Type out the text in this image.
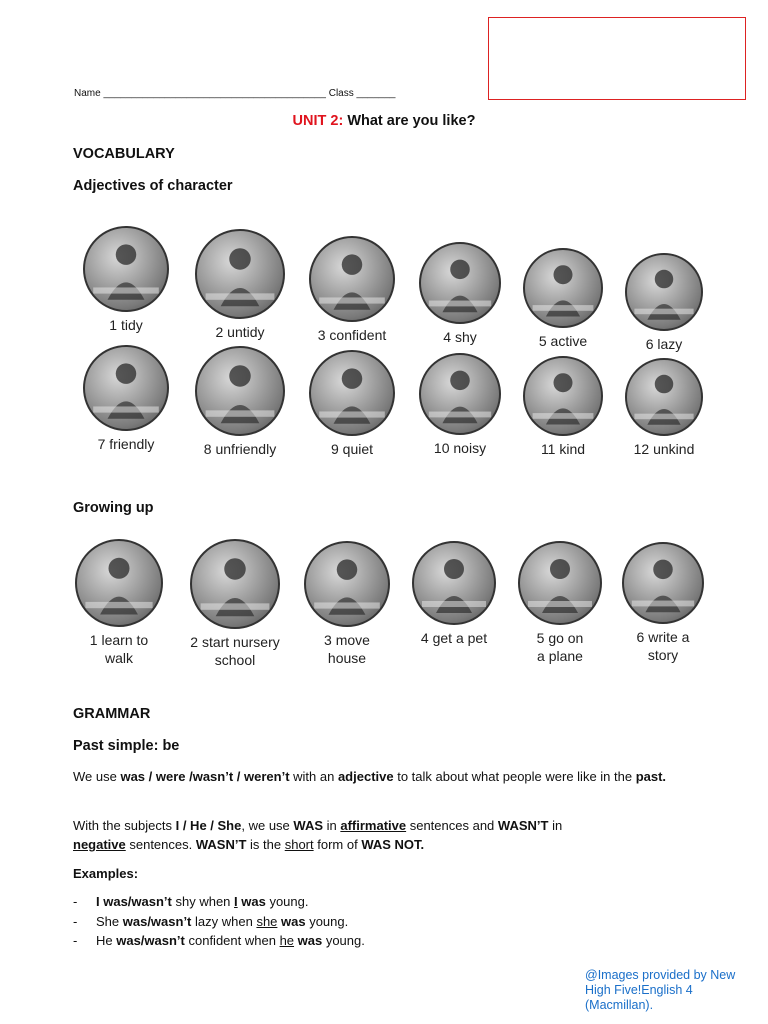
Name ________________________________________ Class _______
UNIT 2: What are you like?
VOCABULARY
Adjectives of character
1 tidy	2 untidy	3 confident	4 shy	5 active	6 lazy
7 friendly	8 unfriendly	9 quiet	10 noisy	11 kind	12 unkind
Growing up
1 learn to
walk
2 start nursery
school
3 move
house
4 get a pet	5 go on
a plane
6 write a
story
GRAMMAR
Past simple: be
We use was / were /wasn’t / weren’t with an adjective to talk about what people were like in the past.
With the subjects I / He / She, we use WAS in affirmative sentences and WASN’T in
negative sentences. WASN’T is the short form of WAS NOT.
Examples:
- I was/wasn’t shy when I was young.
- She was/wasn’t lazy when she was young.
- He was/wasn’t confident when he was young.
@Images provided by New High Five!English 4 (Macmillan).
